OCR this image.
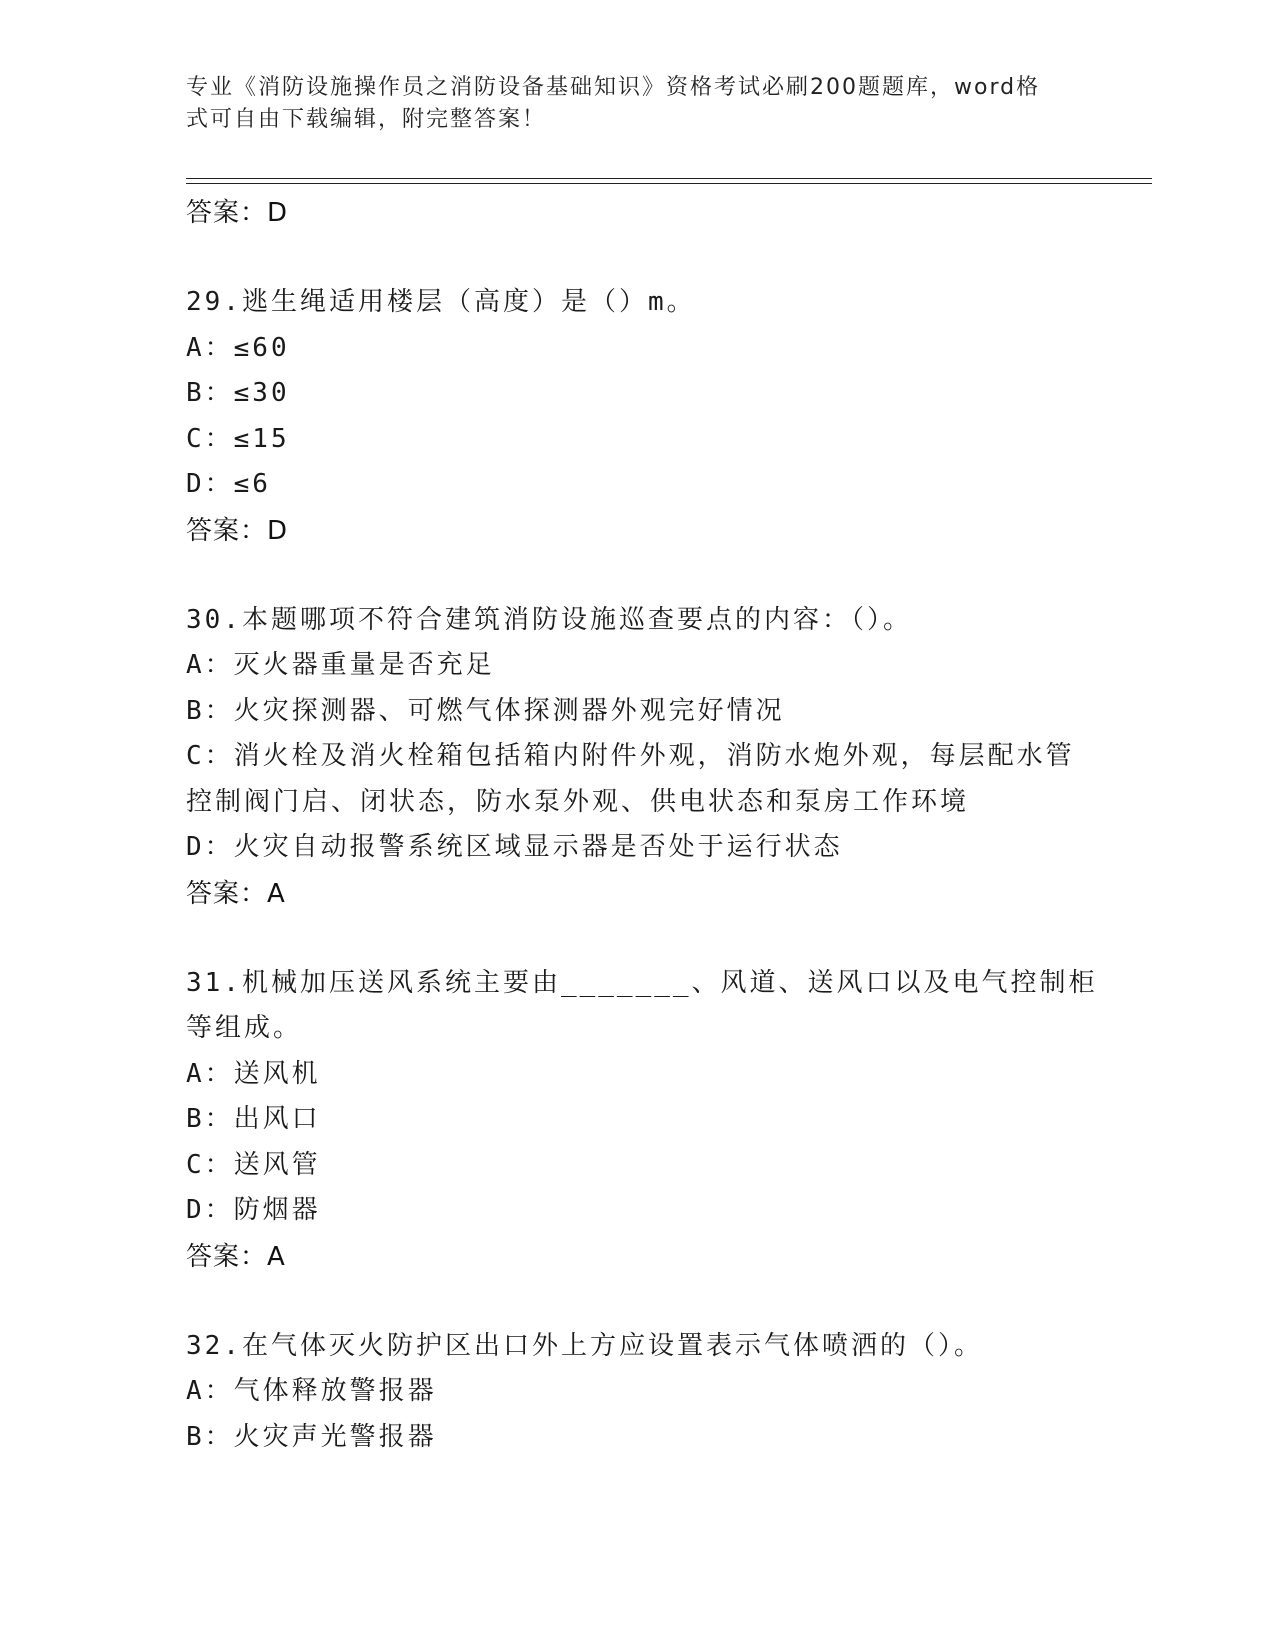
专业《消防设施操作员之消防设备基础知识》资格考试必刷200题题库，word格
式可自由下载编辑，附完整答案！
答案：D
29.逃生绳适用楼层（高度）是（）m。
A：≤60
B：≤30
C：≤15
D：≤6
答案：D
30.本题哪项不符合建筑消防设施巡查要点的内容：（）。
A：灭火器重量是否充足
B：火灾探测器、可燃气体探测器外观完好情况
C：消火栓及消火栓箱包括箱内附件外观，消防水炮外观，每层配水管
控制阀门启、闭状态，防水泵外观、供电状态和泵房工作环境
D：火灾自动报警系统区域显示器是否处于运行状态
答案：A
31.机械加压送风系统主要由_______、风道、送风口以及电气控制柜
等组成。
A：送风机
B：出风口
C：送风管
D：防烟器
答案：A
32.在气体灭火防护区出口外上方应设置表示气体喷洒的（）。
A：气体释放警报器
B：火灾声光警报器
